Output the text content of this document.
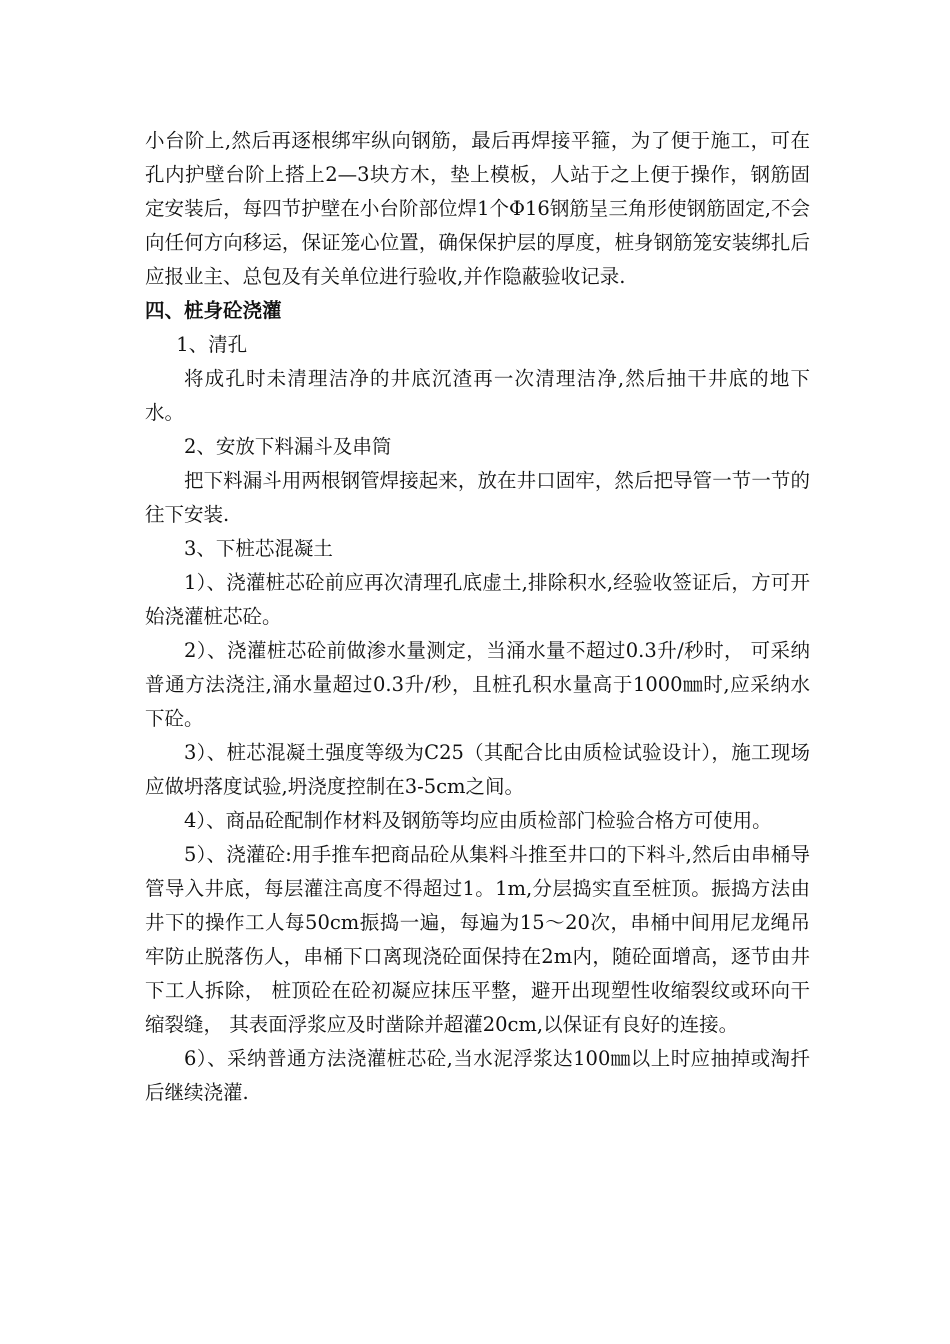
小台阶上,然后再逐根绑牢纵向钢筋，最后再焊接平箍，为了便于施工，可在孔内护壁台阶上搭上2—3块方木，垫上模板，人站于之上便于操作，钢筋固定安装后，每四节护壁在小台阶部位焊1个Φ16钢筋呈三角形使钢筋固定,不会向任何方向移运，保证笼心位置，确保保护层的厚度，桩身钢筋笼安装绑扎后应报业主、总包及有关单位进行验收,并作隐蔽验收记录.

四、桩身砼浇灌

1、清孔

将成孔时未清理洁净的井底沉渣再一次清理洁净,然后抽干井底的地下水。

2、安放下料漏斗及串筒

把下料漏斗用两根钢管焊接起来，放在井口固牢，然后把导管一节一节的往下安装.

3、下桩芯混凝土

1）、浇灌桩芯砼前应再次清理孔底虚土,排除积水,经验收签证后，方可开始浇灌桩芯砼。

2）、浇灌桩芯砼前做渗水量测定，当涌水量不超过0.3升/秒时， 可采纳普通方法浇注,涌水量超过0.3升/秒，且桩孔积水量高于1000㎜时,应采纳水下砼。

3）、桩芯混凝土强度等级为C25（其配合比由质检试验设计），施工现场应做坍落度试验,坍浇度控制在3-5cm之间。

4）、商品砼配制作材料及钢筋等均应由质检部门检验合格方可使用。

5）、浇灌砼:用手推车把商品砼从集料斗推至井口的下料斗,然后由串桶导管导入井底，每层灌注高度不得超过1。1m,分层捣实直至桩顶。振捣方法由井下的操作工人每50cm振捣一遍，每遍为15～20次，串桶中间用尼龙绳吊牢防止脱落伤人，串桶下口离现浇砼面保持在2m内，随砼面增高，逐节由井下工人拆除， 桩顶砼在砼初凝应抹压平整，避开出现塑性收缩裂纹或环向干缩裂缝， 其表面浮浆应及时凿除并超灌20cm,以保证有良好的连接。

6）、采纳普通方法浇灌桩芯砼,当水泥浮浆达100㎜以上时应抽掉或淘扦后继续浇灌.
